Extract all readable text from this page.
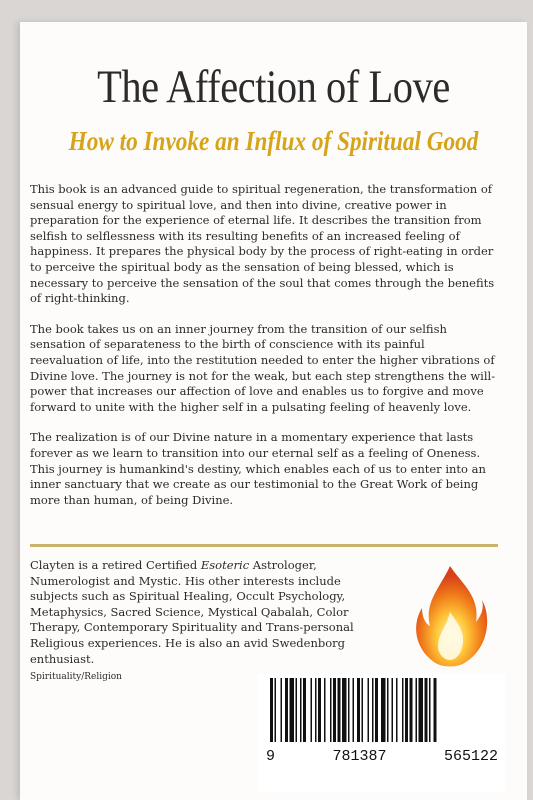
The Affection of Love
How to Invoke an Influx of Spiritual Good

This book is an advanced guide to spiritual regeneration, the transformation of sensual energy to spiritual love, and then into divine, creative power in preparation for the experience of eternal life. It describes the transition from selfish to selflessness with its resulting benefits of an increased feeling of happiness. It prepares the physical body by the process of right-eating in order to perceive the spiritual body as the sensation of being blessed, which is necessary to perceive the sensation of the soul that comes through the benefits of right-thinking.

The book takes us on an inner journey from the transition of our selfish sensation of separateness to the birth of conscience with its painful reevaluation of life, into the restitution needed to enter the higher vibrations of Divine love. The journey is not for the weak, but each step strengthens the will-power that increases our affection of love and enables us to forgive and move forward to unite with the higher self in a pulsating feeling of heavenly love.

The realization is of our Divine nature in a momentary experience that lasts forever as we learn to transition into our eternal self as a feeling of Oneness. This journey is humankind's destiny, which enables each of us to enter into an inner sanctuary that we create as our testimonial to the Great Work of being more than human, of being Divine.

Clayten is a retired Certified Esoteric Astrologer, Numerologist and Mystic. His other interests include subjects such as Spiritual Healing, Occult Psychology, Metaphysics, Sacred Science, Mystical Qabalah, Color Therapy, Contemporary Spirituality and Trans-personal Religious experiences. He is also an avid Swedenborg enthusiast.
Spirituality/Religion
9	781387	565122
